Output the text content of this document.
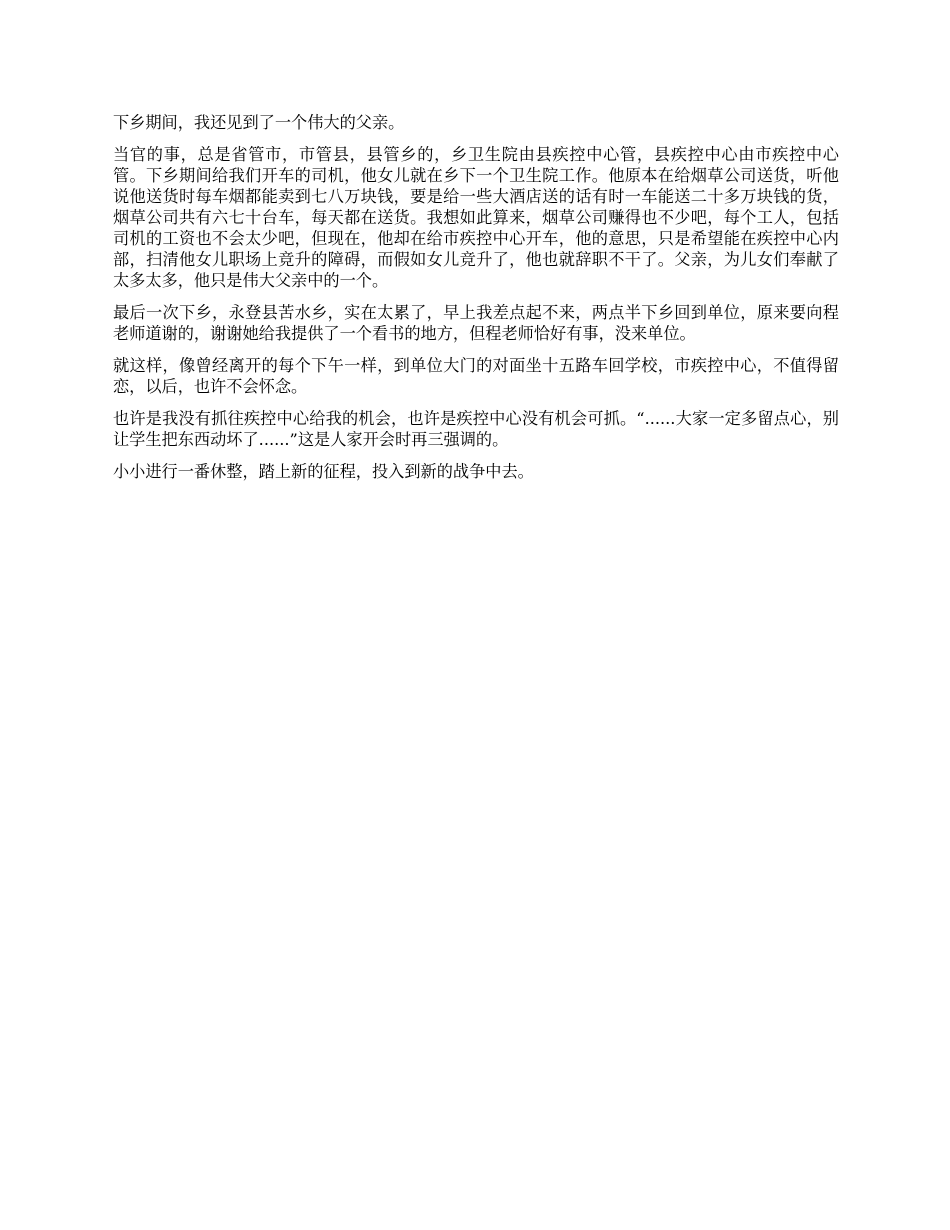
下乡期间，我还见到了一个伟大的父亲。

当官的事，总是省管市，市管县，县管乡的，乡卫生院由县疾控中心管，县疾控中心由市疾控中心管。下乡期间给我们开车的司机，他女儿就在乡下一个卫生院工作。他原本在给烟草公司送货，听他说他送货时每车烟都能卖到七八万块钱，要是给一些大酒店送的话有时一车能送二十多万块钱的货，烟草公司共有六七十台车，每天都在送货。我想如此算来，烟草公司赚得也不少吧，每个工人，包括司机的工资也不会太少吧，但现在，他却在给市疾控中心开车，他的意思，只是希望能在疾控中心内部，扫清他女儿职场上竞升的障碍，而假如女儿竞升了，他也就辞职不干了。父亲，为儿女们奉献了太多太多，他只是伟大父亲中的一个。

最后一次下乡，永登县苦水乡，实在太累了，早上我差点起不来，两点半下乡回到单位，原来要向程老师道谢的，谢谢她给我提供了一个看书的地方，但程老师恰好有事，没来单位。

就这样，像曾经离开的每个下午一样，到单位大门的对面坐十五路车回学校，市疾控中心，不值得留恋，以后，也许不会怀念。

也许是我没有抓往疾控中心给我的机会，也许是疾控中心没有机会可抓。“......大家一定多留点心，别让学生把东西动坏了......”这是人家开会时再三强调的。

小小进行一番休整，踏上新的征程，投入到新的战争中去。
